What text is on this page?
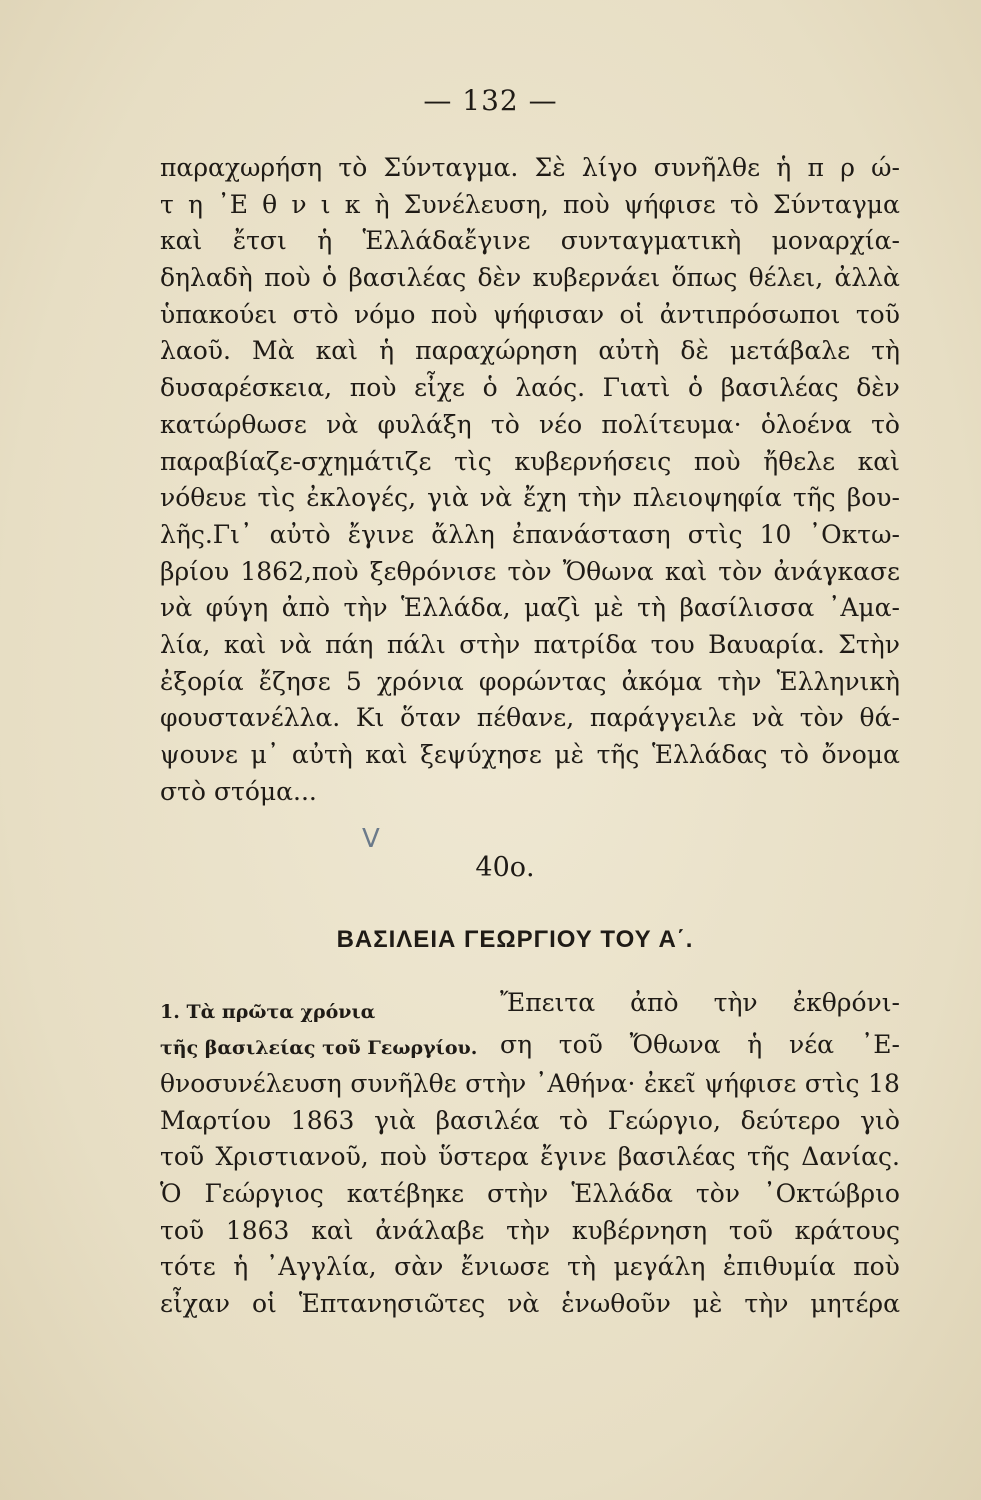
— 132 —
παραχωρήση τὸ Σύνταγμα. Σὲ λίγο συνῆλθε ἡ π ρ ώ-
τ η ᾿Ε θ ν ι κ ὴ Συνέλευση, ποὺ ψήφισε τὸ Σύνταγμα
καὶ ἔτσι ἡ Ἑλλάδαἔγινε συνταγματικὴ μοναρχία-
δηλαδὴ ποὺ ὁ βασιλέας δὲν κυβερνάει ὅπως θέλει, ἀλλὰ
ὑπακούει στὸ νόμο ποὺ ψήφισαν οἱ ἀντιπρόσωποι τοῦ
λαοῦ. Μὰ καὶ ἡ παραχώρηση αὐτὴ δὲ μετάβαλε τὴ
δυσαρέσκεια, ποὺ εἶχε ὁ λαός. Γιατὶ ὁ βασιλέας δὲν
κατώρθωσε νὰ φυλάξη τὸ νέο πολίτευμα· ὁλοένα τὸ
παραβίαζε-σχημάτιζε τὶς κυβερνήσεις ποὺ ἤθελε καὶ
νόθευε τὶς ἐκλογές, γιὰ νὰ ἔχη τὴν πλειοψηφία τῆς βου-
λῆς.Γι᾿ αὐτὸ ἔγινε ἄλλη ἐπανάσταση στὶς 10 ᾿Οκτω-
βρίου 1862,ποὺ ξεθρόνισε τὸν Ὄθωνα καὶ τὸν ἀνάγκασε
νὰ φύγη ἀπὸ τὴν Ἑλλάδα, μαζὶ μὲ τὴ βασίλισσα ᾿Αμα-
λία, καὶ νὰ πάη πάλι στὴν πατρίδα του Βαυαρία. Στὴν
ἐξορία ἔζησε 5 χρόνια φορώντας ἀκόμα τὴν Ἑλληνικὴ
φουστανέλλα. Κι ὅταν πέθανε, παράγγειλε νὰ τὸν θά-
ψουνε μ᾿ αὐτὴ καὶ ξεψύχησε μὲ τῆς Ἑλλάδας τὸ ὄνομα
στὸ στόμα...
ᐯ
40ο.
ΒΑΣΙΛΕΙΑ ΓΕΩΡΓΙΟΥ ΤΟΥ Α΄.
1. Τὰ πρῶτα χρόνια
τῆς βασιλείας τοῦ Γεωργίου.
Ἔπειτα ἀπὸ τὴν ἐκθρόνι-
ση τοῦ Ὄθωνα ἡ νέα ᾿Ε-
θνοσυνέλευση συνῆλθε στὴν ᾿Αθήνα· ἐκεῖ ψήφισε στὶς 18
Μαρτίου 1863 γιὰ βασιλέα τὸ Γεώργιο, δεύτερο γιὸ
τοῦ Χριστιανοῦ, ποὺ ὕστερα ἔγινε βασιλέας τῆς Δανίας.
Ὁ Γεώργιος κατέβηκε στὴν Ἑλλάδα τὸν ᾿Οκτώβριο
τοῦ 1863 καὶ ἀνάλαβε τὴν κυβέρνηση τοῦ κράτους
τότε ἡ ᾿Αγγλία, σὰν ἔνιωσε τὴ μεγάλη ἐπιθυμία ποὺ
εἶχαν οἱ Ἑπτανησιῶτες νὰ ἑνωθοῦν μὲ τὴν μητέρα
